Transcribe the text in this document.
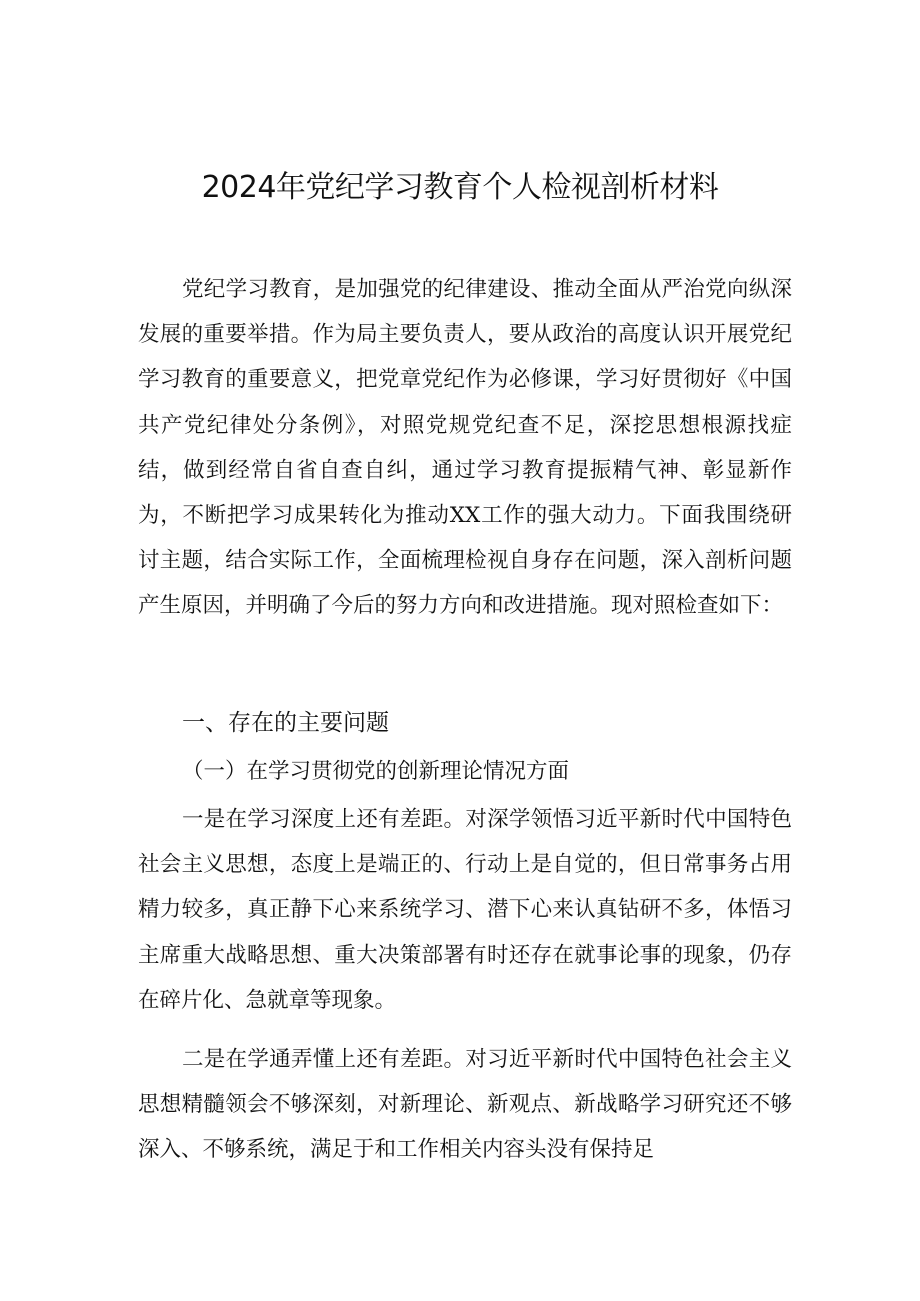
2024年党纪学习教育个人检视剖析材料

党纪学习教育，是加强党的纪律建设、推动全面从严治党向纵深发展的重要举措。作为局主要负责人，要从政治的高度认识开展党纪学习教育的重要意义，把党章党纪作为必修课，学习好贯彻好《中国共产党纪律处分条例》，对照党规党纪查不足，深挖思想根源找症结，做到经常自省自查自纠，通过学习教育提振精气神、彰显新作为，不断把学习成果转化为推动XX工作的强大动力。下面我围绕研讨主题，结合实际工作，全面梳理检视自身存在问题，深入剖析问题产生原因，并明确了今后的努力方向和改进措施。现对照检查如下：

一、存在的主要问题
（一）在学习贯彻党的创新理论情况方面

一是在学习深度上还有差距。对深学领悟习近平新时代中国特色社会主义思想，态度上是端正的、行动上是自觉的，但日常事务占用精力较多，真正静下心来系统学习、潜下心来认真钻研不多，体悟习主席重大战略思想、重大决策部署有时还存在就事论事的现象，仍存在碎片化、急就章等现象。

二是在学通弄懂上还有差距。对习近平新时代中国特色社会主义思想精髓领会不够深刻，对新理论、新观点、新战略学习研究还不够深入、不够系统，满足于和工作相关内容头没有保持足
